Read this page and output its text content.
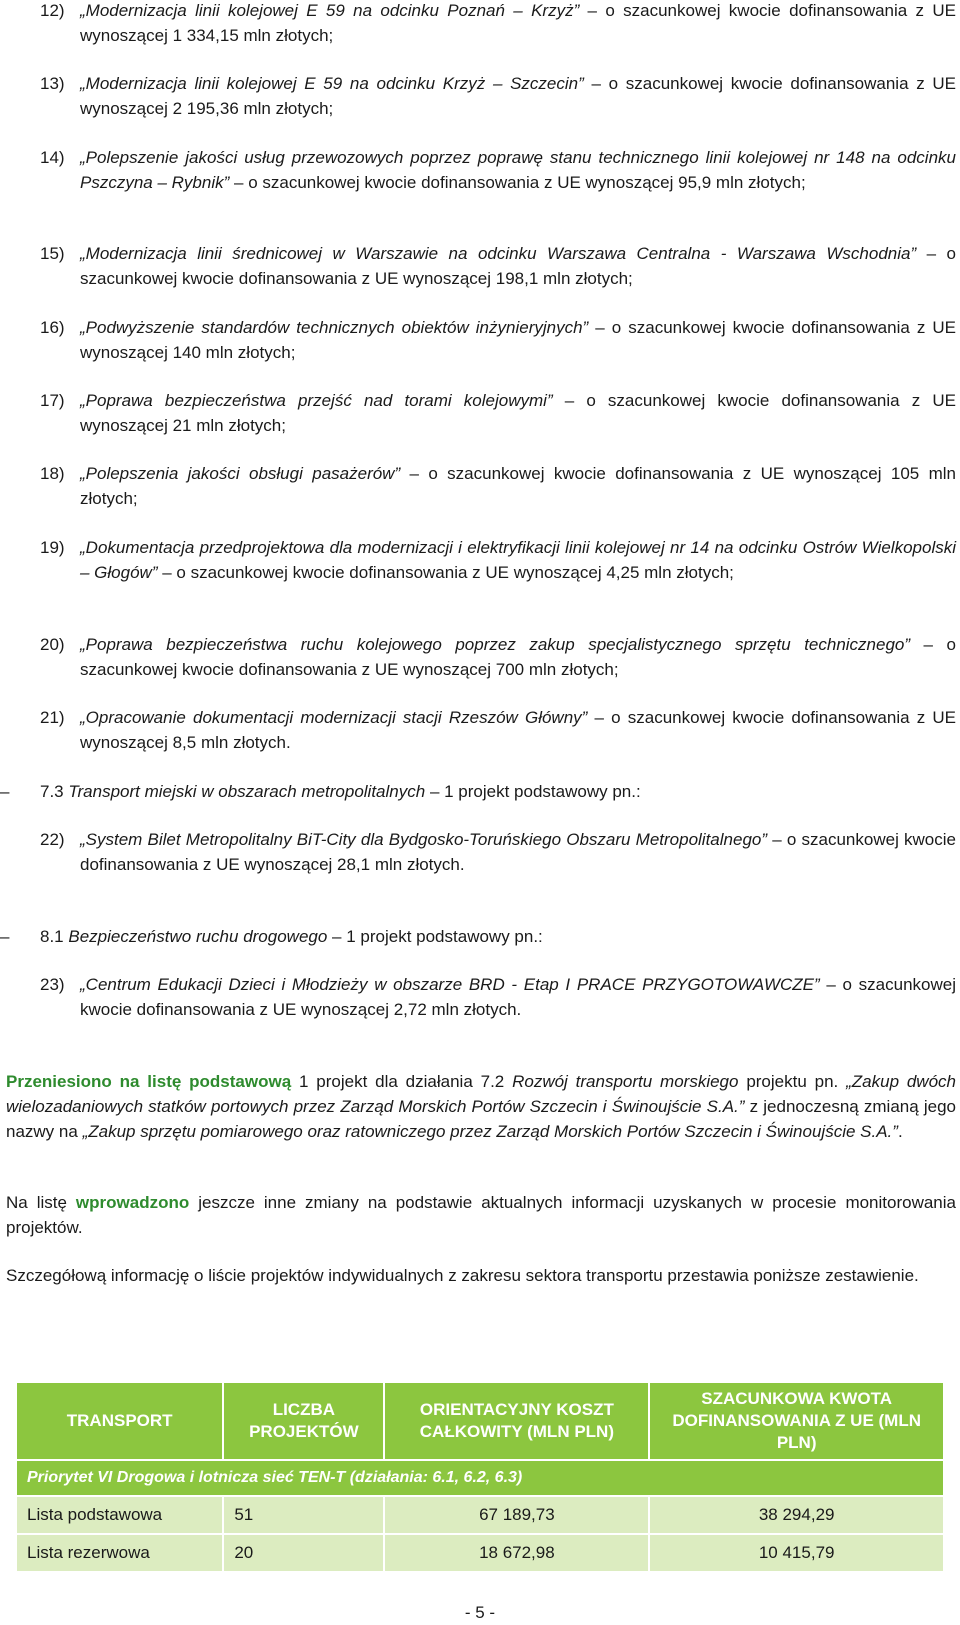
12) „Modernizacja linii kolejowej E 59 na odcinku Poznań – Krzyż” – o szacunkowej kwocie dofinansowania z UE wynoszącej 1 334,15 mln złotych;
13) „Modernizacja linii kolejowej E 59 na odcinku Krzyż – Szczecin” – o szacunkowej kwocie dofinansowania z UE wynoszącej 2 195,36 mln złotych;
14) „Polepszenie jakości usług przewozowych poprzez poprawę stanu technicznego linii kolejowej nr 148 na odcinku Pszczyna – Rybnik” – o szacunkowej kwocie dofinansowania z UE wynoszącej 95,9 mln złotych;
15) „Modernizacja linii średnicowej w Warszawie na odcinku Warszawa Centralna - Warszawa Wschodnia” – o szacunkowej kwocie dofinansowania z UE wynoszącej 198,1 mln złotych;
16) „Podwyższenie standardów technicznych obiektów inżynieryjnych” – o szacunkowej kwocie dofinansowania z UE wynoszącej 140 mln złotych;
17) „Poprawa bezpieczeństwa przejść nad torami kolejowymi” – o szacunkowej kwocie dofinansowania z UE wynoszącej 21 mln złotych;
18) „Polepszenia jakości obsługi pasażerów” – o szacunkowej kwocie dofinansowania z UE wynoszącej 105 mln złotych;
19) „Dokumentacja przedprojektowa dla modernizacji i elektryfikacji linii kolejowej nr 14 na odcinku Ostrów Wielkopolski – Głogów” – o szacunkowej kwocie dofinansowania z UE wynoszącej 4,25 mln złotych;
20) „Poprawa bezpieczeństwa ruchu kolejowego poprzez zakup specjalistycznego sprzętu technicznego” – o szacunkowej kwocie dofinansowania z UE wynoszącej 700 mln złotych;
21) „Opracowanie dokumentacji modernizacji stacji Rzeszów Główny” – o szacunkowej kwocie dofinansowania z UE wynoszącej 8,5 mln złotych.
–	7.3 Transport miejski w obszarach metropolitalnych – 1 projekt podstawowy pn.:
22) „System Bilet Metropolitalny BiT-City dla Bydgosko-Toruńskiego Obszaru Metropolitalnego” – o szacunkowej kwocie dofinansowania z UE wynoszącej 28,1 mln złotych.
–	8.1 Bezpieczeństwo ruchu drogowego – 1 projekt podstawowy pn.:
23) „Centrum Edukacji Dzieci i Młodzieży w obszarze BRD - Etap I PRACE PRZYGOTOWAWCZE” – o szacunkowej kwocie dofinansowania z UE wynoszącej 2,72 mln złotych.
Przeniesiono na listę podstawową 1 projekt dla działania 7.2 Rozwój transportu morskiego projektu pn. „Zakup dwóch wielozadaniowych statków portowych przez Zarząd Morskich Portów Szczecin i Świnoujście S.A.” z jednoczesną zmianą jego nazwy na „Zakup sprzętu pomiarowego oraz ratowniczego przez Zarząd Morskich Portów Szczecin i Świnoujście S.A.”.
Na listę wprowadzono jeszcze inne zmiany na podstawie aktualnych informacji uzyskanych w procesie monitorowania projektów.
Szczegółową informację o liście projektów indywidualnych z zakresu sektora transportu przestawia poniższe zestawienie.
TRANSPORT	LICZBA PROJEKTÓW	ORIENTACYJNY KOSZT CAŁKOWITY (MLN PLN)	SZACUNKOWA KWOTA DOFINANSOWANIA Z UE (MLN PLN)
Priorytet VI Drogowa i lotnicza sieć TEN-T (działania: 6.1, 6.2, 6.3)			
Lista podstawowa	51	67 189,73	38 294,29
Lista rezerwowa	20	18 672,98	10 415,79
- 5 -
